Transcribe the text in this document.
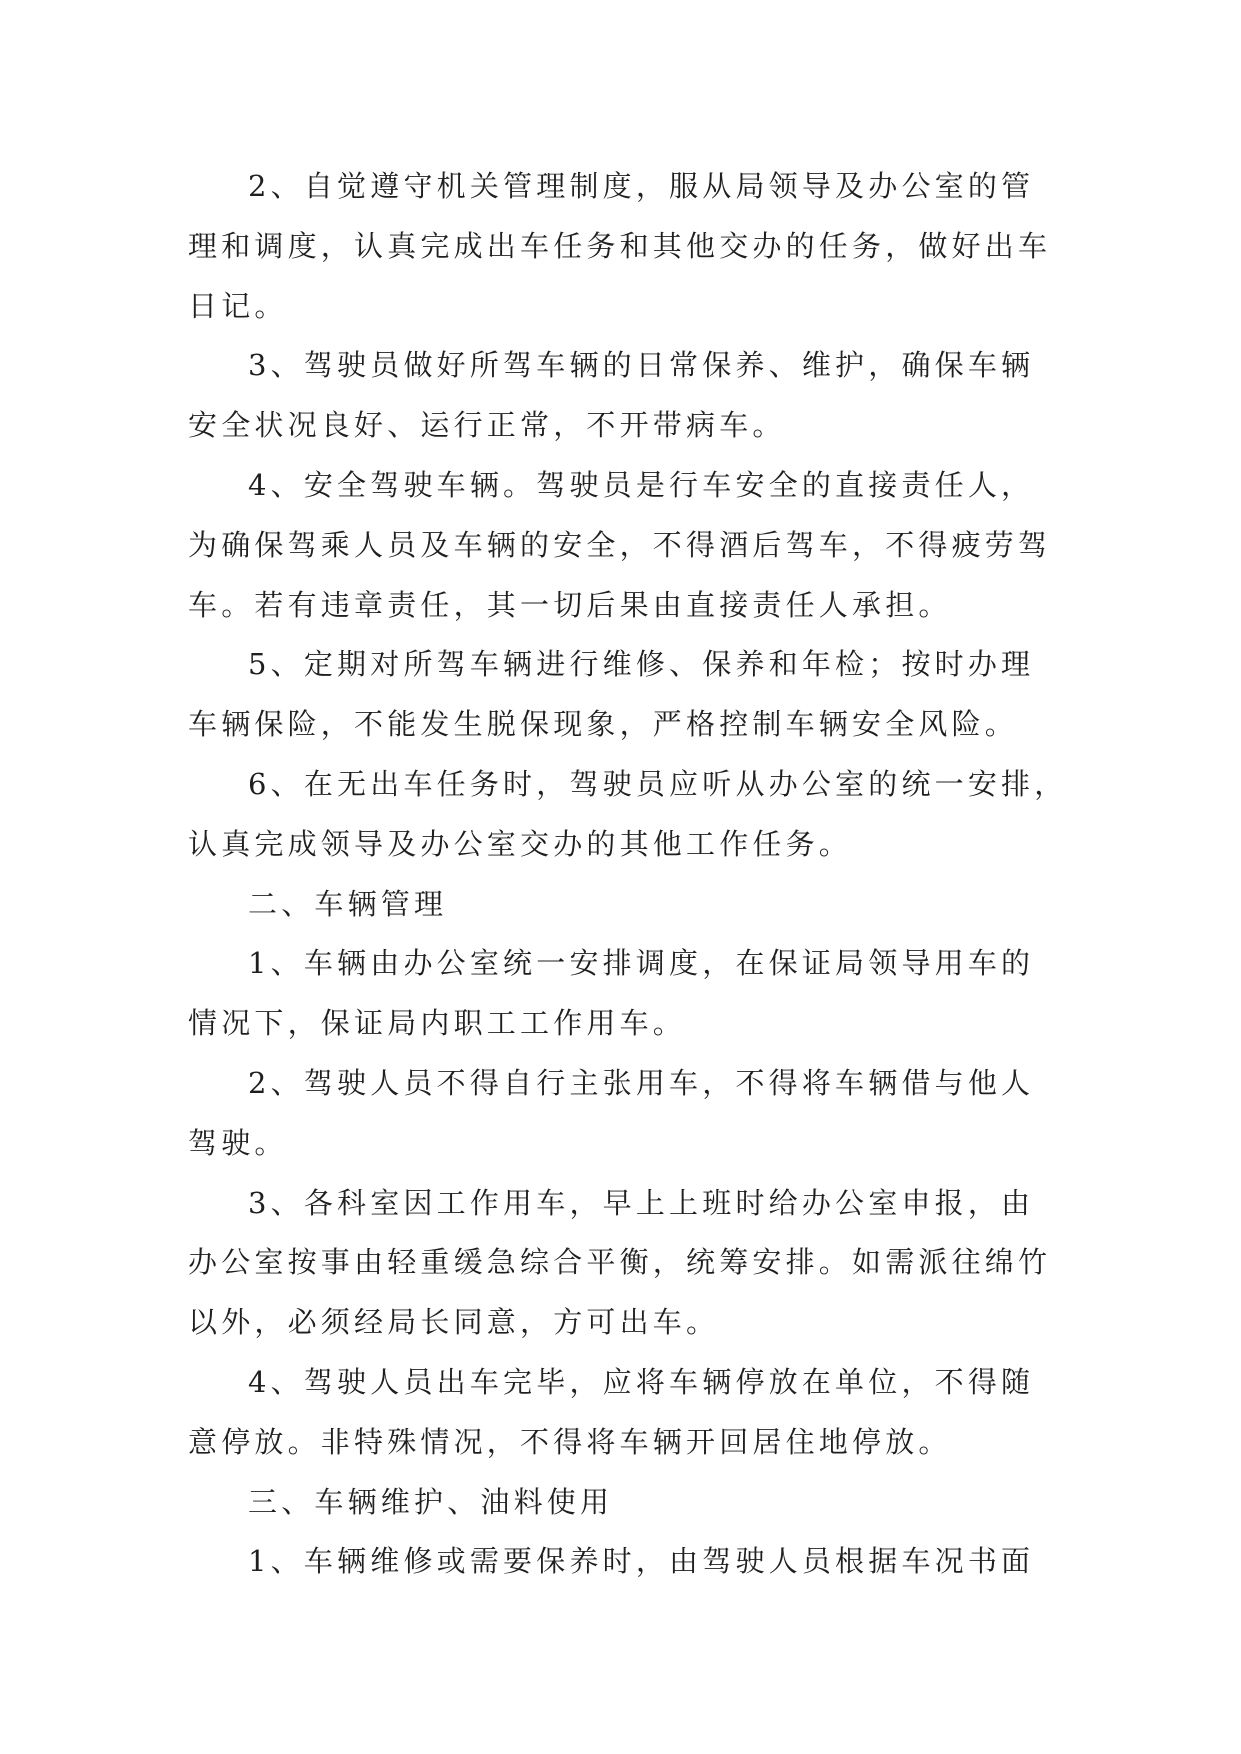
2、自觉遵守机关管理制度，服从局领导及办公室的管
理和调度，认真完成出车任务和其他交办的任务，做好出车
日记。
3、驾驶员做好所驾车辆的日常保养、维护，确保车辆
安全状况良好、运行正常，不开带病车。
4、安全驾驶车辆。驾驶员是行车安全的直接责任人，
为确保驾乘人员及车辆的安全，不得酒后驾车，不得疲劳驾
车。若有违章责任，其一切后果由直接责任人承担。
5、定期对所驾车辆进行维修、保养和年检；按时办理
车辆保险，不能发生脱保现象，严格控制车辆安全风险。
6、在无出车任务时，驾驶员应听从办公室的统一安排，
认真完成领导及办公室交办的其他工作任务。
二、车辆管理
1、车辆由办公室统一安排调度，在保证局领导用车的
情况下，保证局内职工工作用车。
2、驾驶人员不得自行主张用车，不得将车辆借与他人
驾驶。
3、各科室因工作用车，早上上班时给办公室申报，由
办公室按事由轻重缓急综合平衡，统筹安排。如需派往绵竹
以外，必须经局长同意，方可出车。
4、驾驶人员出车完毕，应将车辆停放在单位，不得随
意停放。非特殊情况，不得将车辆开回居住地停放。
三、车辆维护、油料使用
1、车辆维修或需要保养时，由驾驶人员根据车况书面
